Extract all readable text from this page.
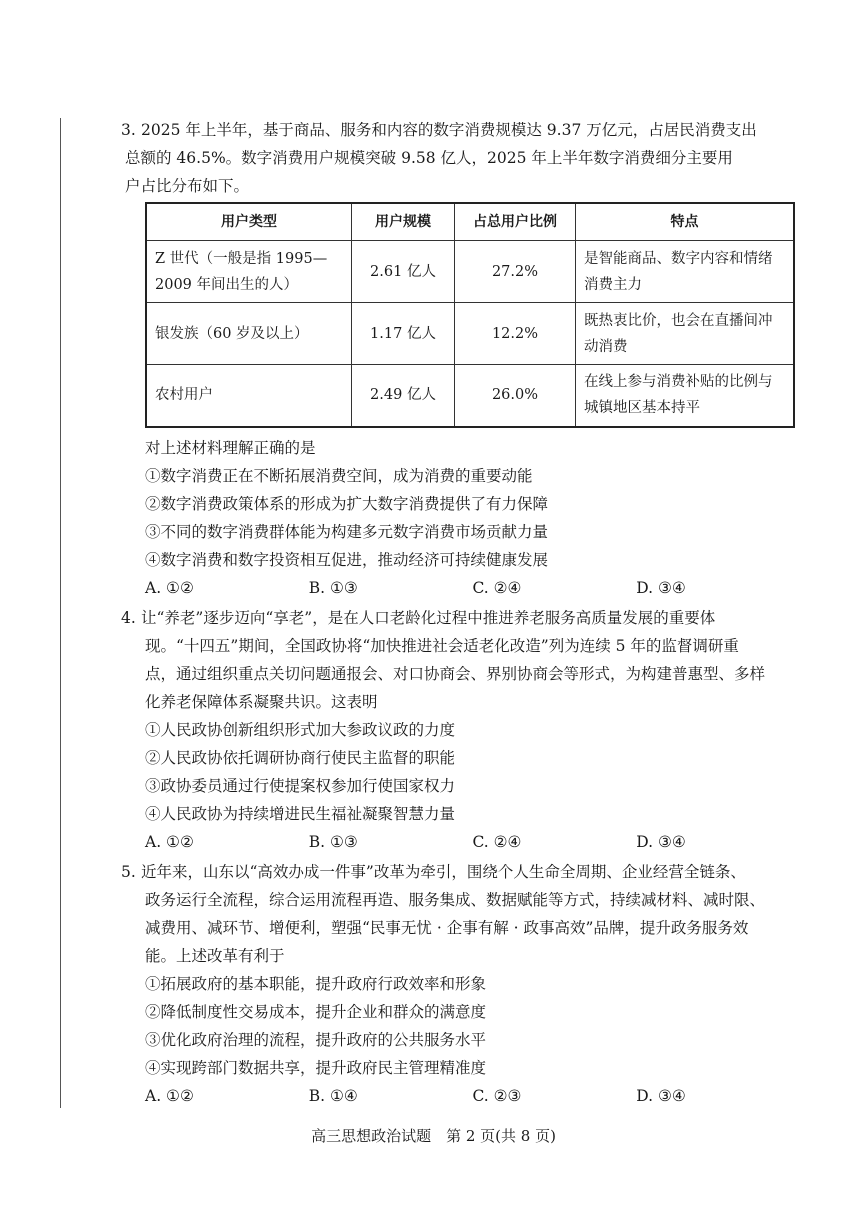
3. 2025 年上半年，基于商品、服务和内容的数字消费规模达 9.37 万亿元，占居民消费支出

总额的 46.5%。数字消费用户规模突破 9.58 亿人，2025 年上半年数字消费细分主要用

户占比分布如下。

用户类型	用户规模	占总用户比例	特点
Z 世代（一般是指 1995—2009 年间出生的人）	2.61 亿人	27.2%	是智能商品、数字内容和情绪消费主力
银发族（60 岁及以上）	1.17 亿人	12.2%	既热衷比价，也会在直播间冲动消费
农村用户	2.49 亿人	26.0%	在线上参与消费补贴的比例与城镇地区基本持平

对上述材料理解正确的是

①数字消费正在不断拓展消费空间，成为消费的重要动能

②数字消费政策体系的形成为扩大数字消费提供了有力保障

③不同的数字消费群体能为构建多元数字消费市场贡献力量

④数字消费和数字投资相互促进，推动经济可持续健康发展

A. ①②	B. ①③	C. ②④	D. ③④
4. 让“养老”逐步迈向“享老”，是在人口老龄化过程中推进养老服务高质量发展的重要体

现。“十四五”期间，全国政协将“加快推进社会适老化改造”列为连续 5 年的监督调研重

点，通过组织重点关切问题通报会、对口协商会、界别协商会等形式，为构建普惠型、多样

化养老保障体系凝聚共识。这表明

①人民政协创新组织形式加大参政议政的力度

②人民政协依托调研协商行使民主监督的职能

③政协委员通过行使提案权参加行使国家权力

④人民政协为持续增进民生福祉凝聚智慧力量

A. ①②	B. ①③	C. ②④	D. ③④
5. 近年来，山东以“高效办成一件事”改革为牵引，围绕个人生命全周期、企业经营全链条、

政务运行全流程，综合运用流程再造、服务集成、数据赋能等方式，持续减材料、减时限、

减费用、减环节、增便利，塑强“民事无忧 · 企事有解 · 政事高效”品牌，提升政务服务效

能。上述改革有利于

①拓展政府的基本职能，提升政府行政效率和形象

②降低制度性交易成本，提升企业和群众的满意度

③优化政府治理的流程，提升政府的公共服务水平

④实现跨部门数据共享，提升政府民主管理精准度

A. ①②	B. ①④	C. ②③	D. ③④
高三思想政治试题　第 2 页(共 8 页)
